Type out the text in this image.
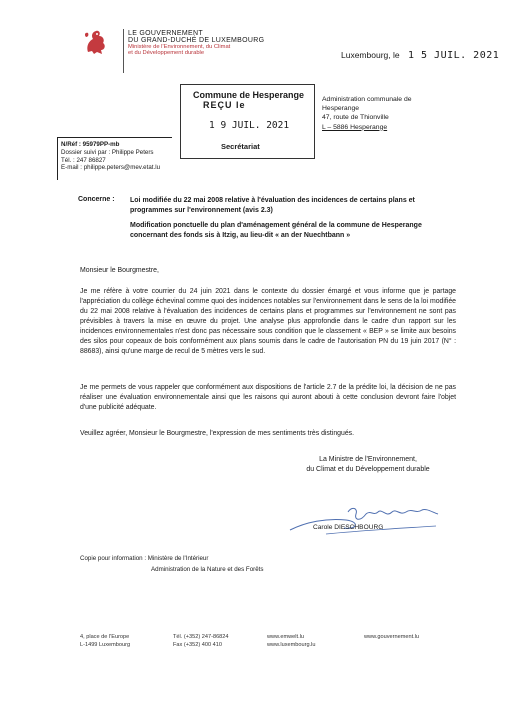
LE GOUVERNEMENT
DU GRAND-DUCHÉ DE LUXEMBOURG
Ministère de l'Environnement, du Climat
et du Développement durable	Luxembourg, le 1 5 JUIL. 2021
Commune de Hesperange
REÇU le
1 9 JUIL. 2021
Secrétariat
Administration communale de
Hesperange
47, route de Thionville
L – 5886 Hesperange
N/Réf : 95979PP-mb
Dossier suivi par : Philippe Peters
Tél. : 247 86827
E-mail : philippe.peters@mev.etat.lu
Concerne : Loi modifiée du 22 mai 2008 relative à l'évaluation des incidences de certains plans et programmes sur l'environnement (avis 2.3)
Modification ponctuelle du plan d'aménagement général de la commune de Hesperange concernant des fonds sis à Itzig, au lieu-dit « an der Nuechtbann »
Monsieur le Bourgmestre,
Je me réfère à votre courrier du 24 juin 2021 dans le contexte du dossier émargé et vous informe que je partage l'appréciation du collège échevinal comme quoi des incidences notables sur l'environnement dans le sens de la loi modifiée du 22 mai 2008 relative à l'évaluation des incidences de certains plans et programmes sur l'environnement ne sont pas prévisibles à travers la mise en œuvre du projet. Une analyse plus approfondie dans le cadre d'un rapport sur les incidences environnementales n'est donc pas nécessaire sous condition que le classement « BEP » se limite aux besoins des silos pour copeaux de bois conformément aux plans soumis dans le cadre de l'autorisation PN du 19 juin 2017 (N° : 88683), ainsi qu'une marge de recul de 5 mètres vers le sud.
Je me permets de vous rappeler que conformément aux dispositions de l'article 2.7 de la prédite loi, la décision de ne pas réaliser une évaluation environnementale ainsi que les raisons qui auront abouti à cette conclusion devront faire l'objet d'une publicité adéquate.
Veuillez agréer, Monsieur le Bourgmestre, l'expression de mes sentiments très distingués.
La Ministre de l'Environnement,
du Climat et du Développement durable
Carole DIESCHBOURG
Copie pour information : Ministère de l'Intérieur
Administration de la Nature et des Forêts
4, place de l'Europe
L-1499 Luxembourg
Tél. (+352) 247-86824
Fax (+352) 400 410
www.emwelt.lu
www.luxembourg.lu
www.gouvernement.lu
